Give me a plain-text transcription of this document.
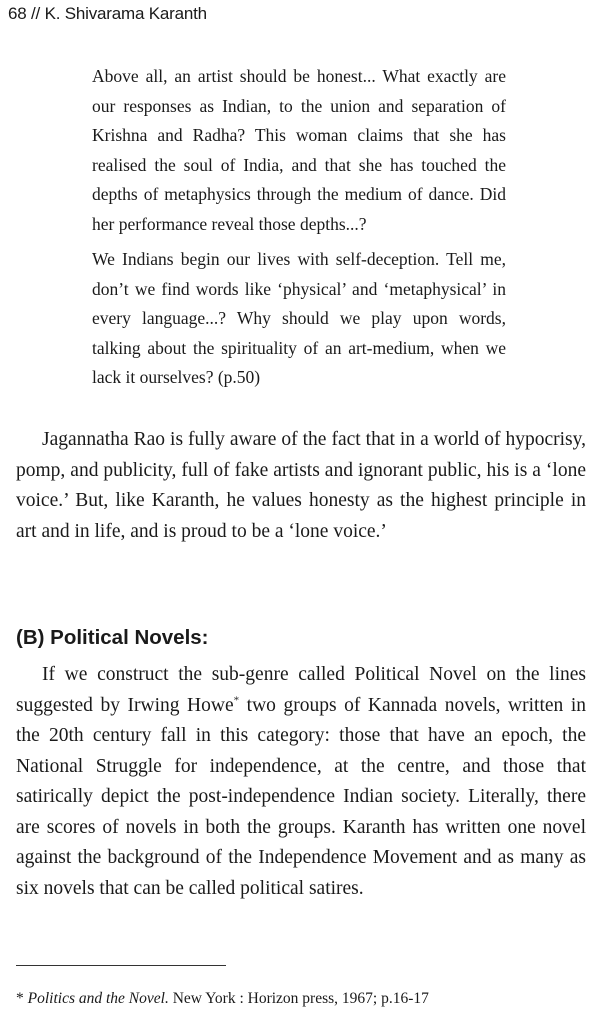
68 // K. Shivarama Karanth

Above all, an artist should be honest... What exactly are our responses as Indian, to the union and separation of Krishna and Radha? This woman claims that she has realised the soul of India, and that she has touched the depths of metaphysics through the medium of dance. Did her performance reveal those depths...?

We Indians begin our lives with self-deception. Tell me, don’t we find words like ‘physical’ and ‘metaphysical’ in every language...? Why should we play upon words, talking about the spirituality of an art-medium, when we lack it ourselves? (p.50)

Jagannatha Rao is fully aware of the fact that in a world of hypocrisy, pomp, and publicity, full of fake artists and ignorant public, his is a ‘lone voice.’ But, like Karanth, he values honesty as the highest principle in art and in life, and is proud to be a ‘lone voice.’

(B) Political Novels:

If we construct the sub-genre called Political Novel on the lines suggested by Irwing Howe* two groups of Kannada novels, written in the 20th century fall in this category: those that have an epoch, the National Struggle for independence, at the centre, and those that satirically depict the post-independence Indian society. Literally, there are scores of novels in both the groups. Karanth has written one novel against the background of the Independence Movement and as many as six novels that can be called political satires.

* Politics and the Novel. New York : Horizon press, 1967; p.16-17
